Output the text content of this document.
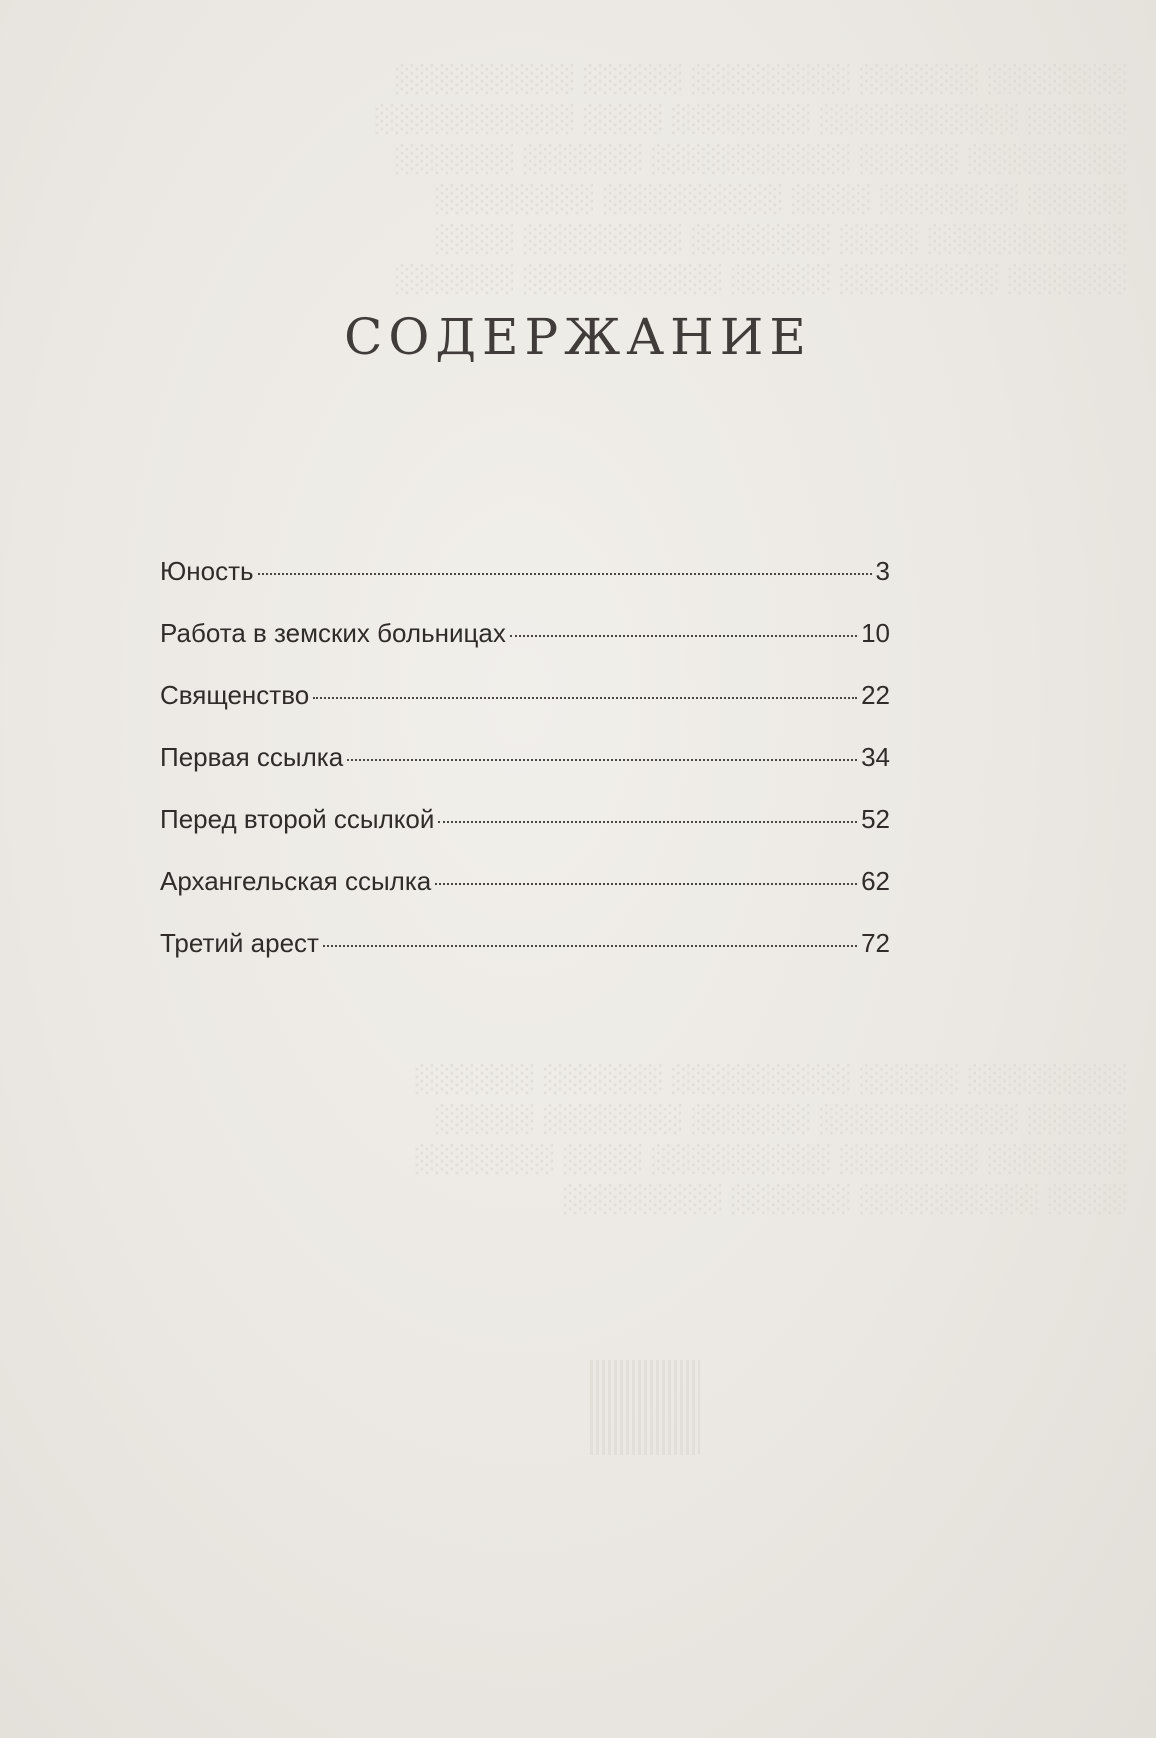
░░░░░░░ ░░░░░░ ░░░░░░░░ ░░░░░ ░░░░░░░░░
░░░░░ ░░░░░░░░░░ ░░░░░░░ ░░░░ ░░░░░░░░░░
░░░░░░░░ ░░░░░ ░░░░░░░░░░ ░░░░░░ ░░░░░░
░░░░░ ░░░░░░░ ░░░░ ░░░░░░░░░ ░░░░░░░░
░░░░░░░░░░ ░░░░ ░░░░░░░ ░░░░░░░░ ░░░░
░░░░░░ ░░░░░░░░ ░░░░░ ░░░░░░░░░░ ░░░░░░
░░░░░░░░ ░░░░░ ░░░░░░░░░ ░░░░░░ ░░░░░░
░░░░░ ░░░░░░░░░░ ░░░░░░ ░░░░░░░ ░░░░░
░░░░░░░ ░░░░░░░ ░░░░░░░░░ ░░░░ ░░░░░░░
░░░░ ░░░░░░░░░ ░░░░░░ ░░░░░░░░
СОДЕРЖАНИЕ
Юность	3
Работа в земских больницах	10
Священство	22
Первая ссылка	34
Перед второй ссылкой	52
Архангельская ссылка	62
Третий арест	72
